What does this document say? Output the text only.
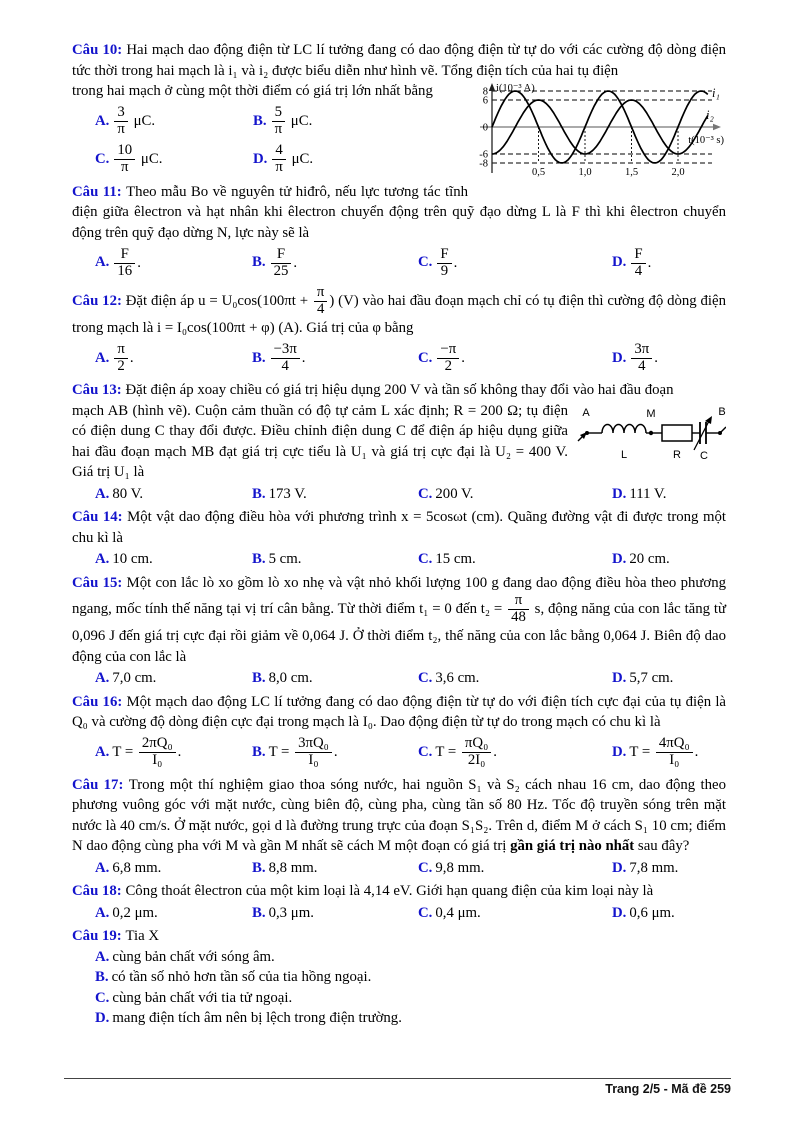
Câu 10: Hai mạch dao động điện từ LC lí tưởng đang có dao động điện từ tự do với các cường độ dòng điện tức thời trong hai mạch là i₁ và i₂ được biểu diễn như hình vẽ. Tổng điện tích của hai tụ điện

0,5	1,0	1,5	2,0
8
6
0
-6
-8
i(10⁻³ A)
t(10⁻³ s)
i₁
i₂

trong hai mạch ở cùng một thời điểm có giá trị lớn nhất bằng

A. $\frac{3}{\pi} \mu C$.	B. $\frac{5}{\pi} \mu C$.
C. $\frac{10}{\pi} \mu C$.	D. $\frac{4}{\pi} \mu C$.

Câu 11: Theo mẫu Bo về nguyên tử hiđrô, nếu lực tương tác tĩnh điện giữa êlectron và hạt nhân khi êlectron chuyển động trên quỹ đạo dừng L là F thì khi êlectron chuyển động trên quỹ đạo dừng N, lực này sẽ là

A. $\frac{F}{16}$ .	B. $\frac{F}{25}$ .	C. $\frac{F}{9}$ .	D. $\frac{F}{4}$ .

Câu 12: Đặt điện áp $u = U_0\cos(100\pi t + \frac{\pi}{4}$ ) (V) vào hai đầu đoạn mạch chỉ có tụ điện thì cường độ dòng điện trong mạch là i = I₀cos(100πt + φ) (A). Giá trị của φ bằng

A. $\frac{\pi}{2}$ .	B. $\frac{-3\pi}{4}$ .	C. $\frac{-\pi}{2}$ .	D. $\frac{3\pi}{4}$ .

Câu 13: Đặt điện áp xoay chiều có giá trị hiệu dụng 200 V và tần số không thay đổi vào hai đầu đoạn

A	M	B
L	R C

mạch AB (hình vẽ). Cuộn cảm thuần có độ tự cảm L xác định; R = 200 Ω; tụ điện có điện dung C thay đổi được. Điều chỉnh điện dung C để điện áp hiệu dụng giữa hai đầu đoạn mạch MB đạt giá trị cực tiểu là U₁ và giá trị cực đại là U₂ = 400 V. Giá trị U₁ là

A. 80 V.	B. 173 V.	C. 200 V.	D. 111 V.

Câu 14: Một vật dao động điều hòa với phương trình x = 5cosωt (cm). Quãng đường vật đi được trong một chu kì là

A. 10 cm.	B. 5 cm.	C. 15 cm.	D. 20 cm.

Câu 15: Một con lắc lò xo gồm lò xo nhẹ và vật nhỏ khối lượng 100 g đang dao động điều hòa theo phương ngang, mốc tính thế năng tại vị trí cân bằng. Từ thời điểm t₁ = 0 đến $t_2 = \frac{\pi}{48} s$, động năng của con lắc tăng từ 0,096 J đến giá trị cực đại rồi giảm về 0,064 J. Ở thời điểm t₂, thế năng của con lắc bằng 0,064 J. Biên độ dao động của con lắc là

A. 7,0 cm.	B. 8,0 cm.	C. 3,6 cm.	D. 5,7 cm.

Câu 16: Một mạch dao động LC lí tưởng đang có dao động điện từ tự do với điện tích cực đại của tụ điện là Q₀ và cường độ dòng điện cực đại trong mạch là I₀. Dao động điện từ tự do trong mạch có chu kì là

A. $T = \frac{\text{2πQ₀}}{\text{I₀}}$ .	B. $T = \frac{\text{3πQ₀}}{\text{I₀}}$ .	C. $T = \frac{\text{πQ₀}}{\text{2I₀}}$ .	D. $T = \frac{\text{4πQ₀}}{\text{I₀}}$ .

Câu 17: Trong một thí nghiệm giao thoa sóng nước, hai nguồn S₁ và S₂ cách nhau 16 cm, dao động theo phương vuông góc với mặt nước, cùng biên độ, cùng pha, cùng tần số 80 Hz. Tốc độ truyền sóng trên mặt nước là 40 cm/s. Ở mặt nước, gọi d là đường trung trực của đoạn S₁S₂. Trên d, điểm M ở cách S₁ 10 cm; điểm N dao động cùng pha với M và gần M nhất sẽ cách M một đoạn có giá trị gần giá trị nào nhất sau đây?

A. 6,8 mm.	B. 8,8 mm.	C. 9,8 mm.	D. 7,8 mm.

Câu 18: Công thoát êlectron của một kim loại là 4,14 eV. Giới hạn quang điện của kim loại này là

A. 0,2 μm.	B. 0,3 μm.	C. 0,4 μm.	D. 0,6 μm.

Câu 19: Tia X

A. cùng bản chất với sóng âm.
B. có tần số nhỏ hơn tần số của tia hồng ngoại.
C. cùng bản chất với tia tử ngoại.
D. mang điện tích âm nên bị lệch trong điện trường.
Trang 2/5 - Mã đề 259
